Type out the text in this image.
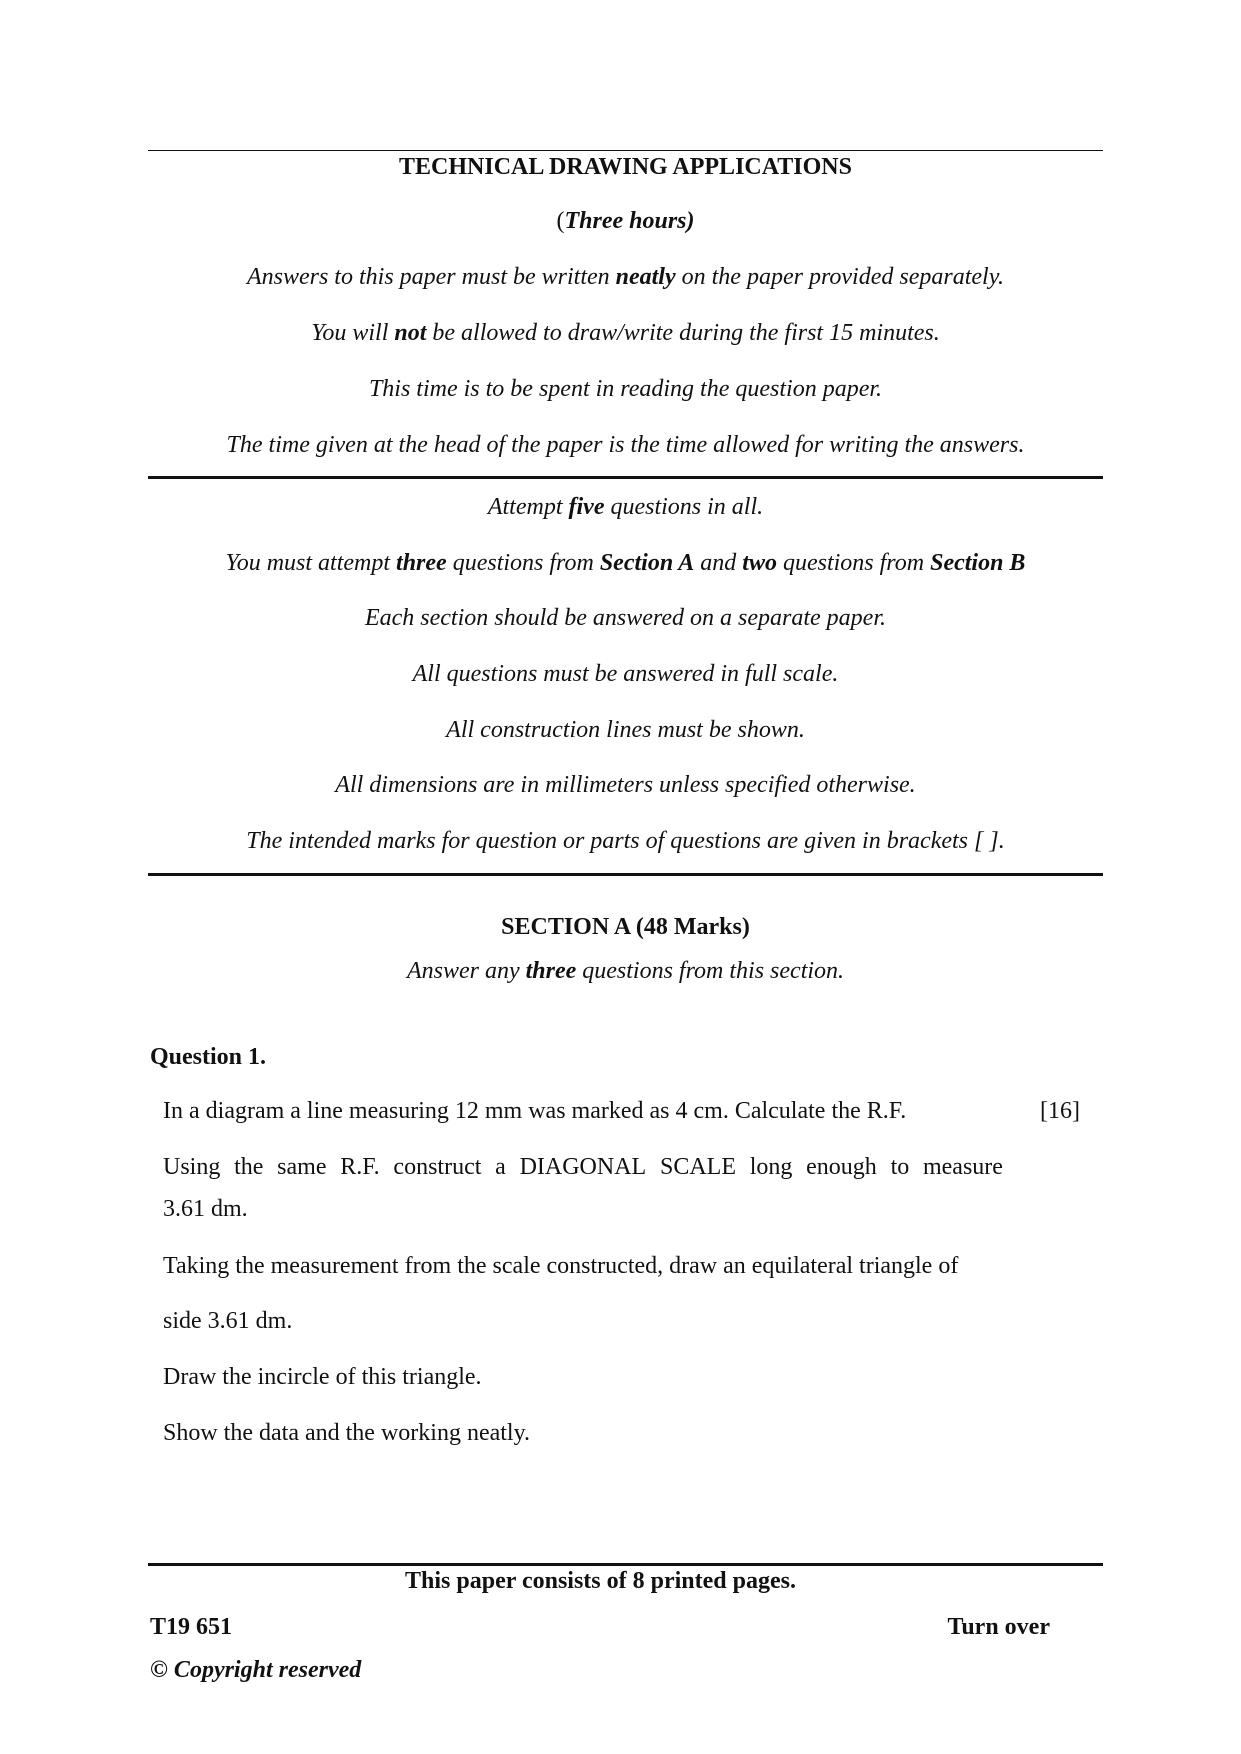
TECHNICAL DRAWING APPLICATIONS
(Three hours)
Answers to this paper must be written neatly on the paper provided separately.
You will not be allowed to draw/write during the first 15 minutes.
This time is to be spent in reading the question paper.
The time given at the head of the paper is the time allowed for writing the answers.
Attempt five questions in all.
You must attempt three questions from Section A and two questions from Section B
Each section should be answered on a separate paper.
All questions must be answered in full scale.
All construction lines must be shown.
All dimensions are in millimeters unless specified otherwise.
The intended marks for question or parts of questions are given in brackets [ ].
SECTION A (48 Marks)
Answer any three questions from this section.
Question 1.
In a diagram a line measuring 12 mm was marked as 4 cm. Calculate the R.F.	[16]
Using the same R.F. construct a DIAGONAL SCALE long enough to measure
3.61 dm.
Taking the measurement from the scale constructed, draw an equilateral triangle of
side 3.61 dm.
Draw the incircle of this triangle.
Show the data and the working neatly.
This paper consists of 8 printed pages.
T19 651	Turn over
© Copyright reserved
